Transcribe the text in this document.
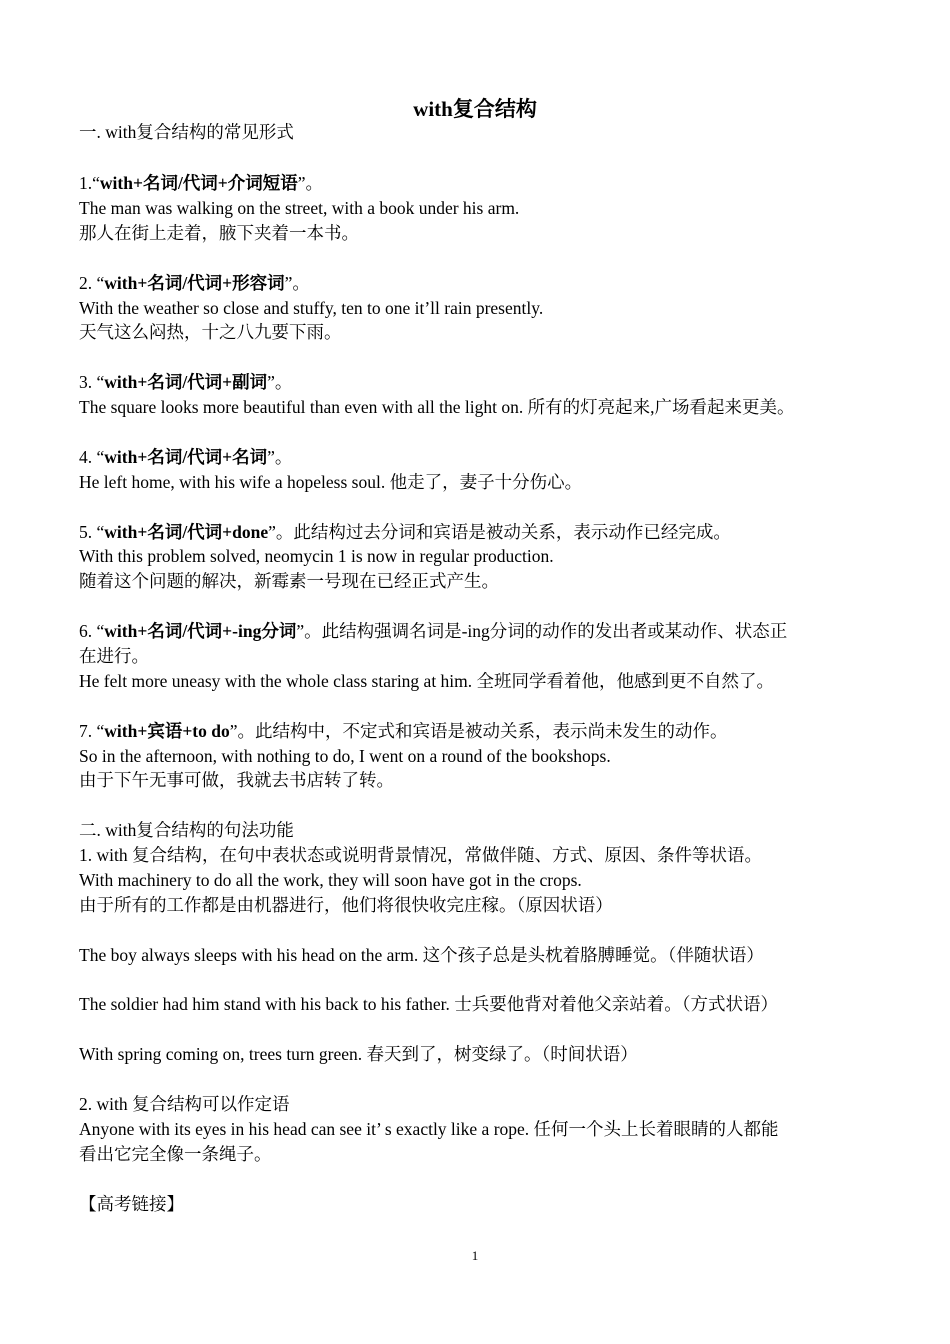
with复合结构
一. with复合结构的常见形式
1.“with+名词/代词+介词短语”。
The man was walking on the street, with a book under his arm.
那人在街上走着，腋下夹着一本书。
2. “with+名词/代词+形容词”。
With the weather so close and stuffy, ten to one it’ll rain presently.
天气这么闷热，十之八九要下雨。
3. “with+名词/代词+副词”。
The square looks more beautiful than even with all the light on. 所有的灯亮起来,广场看起来更美。
4. “with+名词/代词+名词”。
He left home, with his wife a hopeless soul. 他走了，妻子十分伤心。
5. “with+名词/代词+done”。此结构过去分词和宾语是被动关系，表示动作已经完成。
With this problem solved, neomycin 1 is now in regular production.
随着这个问题的解决，新霉素一号现在已经正式产生。
6. “with+名词/代词+-ing分词”。此结构强调名词是-ing分词的动作的发出者或某动作、状态正
在进行。
He felt more uneasy with the whole class staring at him. 全班同学看着他，他感到更不自然了。
7. “with+宾语+to do”。此结构中，不定式和宾语是被动关系，表示尚未发生的动作。
So in the afternoon, with nothing to do, I went on a round of the bookshops.
由于下午无事可做，我就去书店转了转。
二. with复合结构的句法功能
1. with 复合结构，在句中表状态或说明背景情况，常做伴随、方式、原因、条件等状语。
With machinery to do all the work, they will soon have got in the crops.
由于所有的工作都是由机器进行，他们将很快收完庄稼。（原因状语）
The boy always sleeps with his head on the arm. 这个孩子总是头枕着胳膊睡觉。（伴随状语）
The soldier had him stand with his back to his father. 士兵要他背对着他父亲站着。（方式状语）
With spring coming on, trees turn green. 春天到了，树变绿了。（时间状语）
2. with 复合结构可以作定语
Anyone with its eyes in his head can see it’ s exactly like a rope. 任何一个头上长着眼睛的人都能
看出它完全像一条绳子。
【高考链接】
1
